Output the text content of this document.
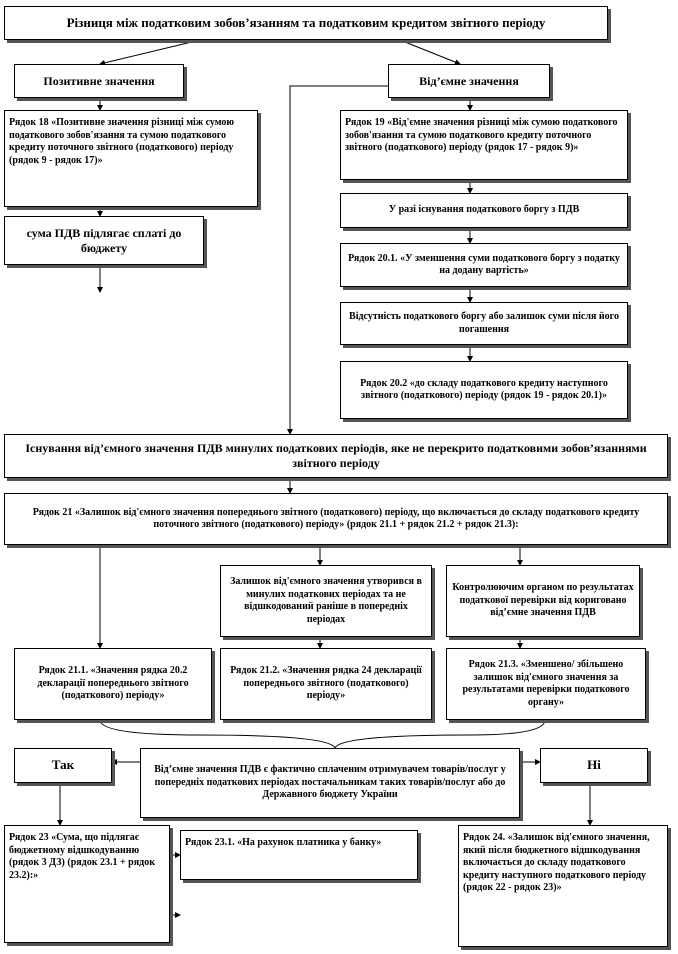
Різниця між податковим зобов’язанням та податковим кредитом звітного періоду
Позитивне значення	Від’ємне значення
Рядок 18 «Позитивне значення різниці між сумою податкового зобов'язання та сумою податкового кредиту поточного звітного (податкового) періоду (рядок 9 - рядок 17)»
сума ПДВ підлягає сплаті до бюджету
Рядок 19 «Від'ємне значення різниці між сумою податкового зобов'язання та сумою податкового кредиту поточного звітного (податкового) періоду (рядок 17 - рядок 9)»
У разі існування податкового боргу з ПДВ
Рядок 20.1. «У зменшення суми податкового боргу з податку на додану вартість»
Відсутність податкового боргу або залишок суми після його погашення
Рядок 20.2 «до складу податкового кредиту наступного звітного (податкового) періоду (рядок 19 - рядок 20.1)»
Існування від’ємного значення ПДВ минулих податкових періодів, яке не перекрито податковими зобов’язаннями звітного періоду
Рядок 21 «Залишок від'ємного значення попереднього звітного (податкового) періоду, що включається до складу податкового кредиту поточного звітного (податкового) періоду» (рядок 21.1 + рядок 21.2 + рядок 21.3):
Залишок від'ємного значення утворився в минулих податкових періодах та не відшкодований раніше в попередніх періодах
Контролюючим органом по результатах податкової перевірки від кориговано від’ємне значення ПДВ
Рядок 21.1. «Значення рядка 20.2 декларації попереднього звітного (податкового) періоду»
Рядок 21.2. «Значення рядка 24 декларації попереднього звітного (податкового) періоду»
Рядок 21.3. «Зменшено/ збільшено залишок від'ємного значення за результатами перевірки податкового органу»
Так	Від’ємне значення ПДВ є фактично сплаченим отримувачем товарів/послуг у попередніх податкових періодах постачальникам таких товарів/послуг або до Державного бюджету України
Ні
Рядок 23 «Сума, що підлягає бюджетному відшкодуванню (рядок 3 ДЗ) (рядок 23.1 + рядок 23.2):»
Рядок 23.1. «На рахунок платника у банку»	Рядок 24. «Залишок від'ємного значення, який після бюджетного відшкодування включається до складу податкового кредиту наступного податкового періоду (рядок 22 - рядок 23)»
